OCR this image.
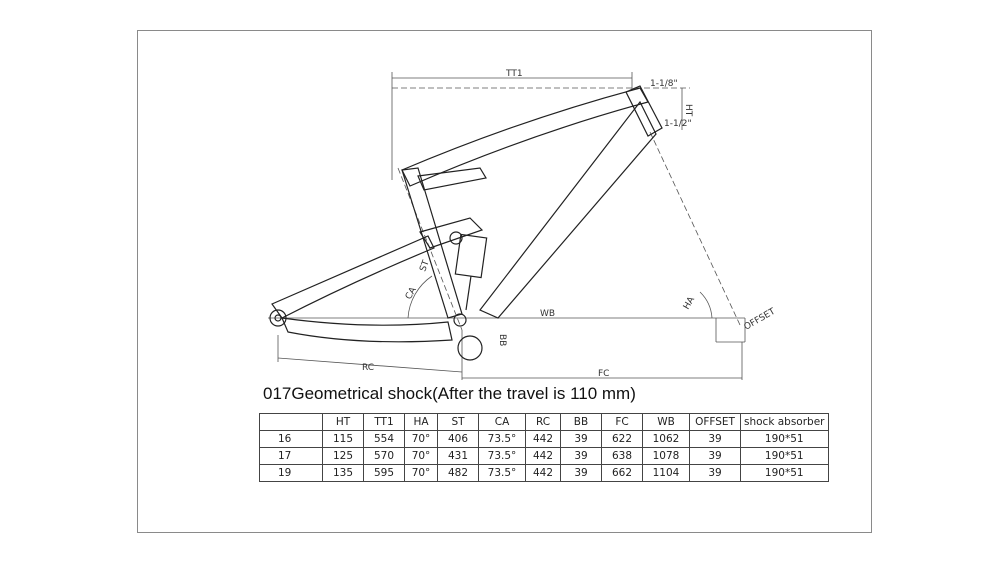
TT1
HT
1-1/8"
1-1/2"
ST
CA
HA
WB
RC
FC
BB
OFFSET
017Geometrical shock(After the travel is 110 mm)
	HT	TT1	HA	ST	CA	RC	BB	FC	WB	OFFSET	shock absorber
16	115	554	70°	406	73.5°	442	39	622	1062	39	190*51
17	125	570	70°	431	73.5°	442	39	638	1078	39	190*51
19	135	595	70°	482	73.5°	442	39	662	1104	39	190*51
